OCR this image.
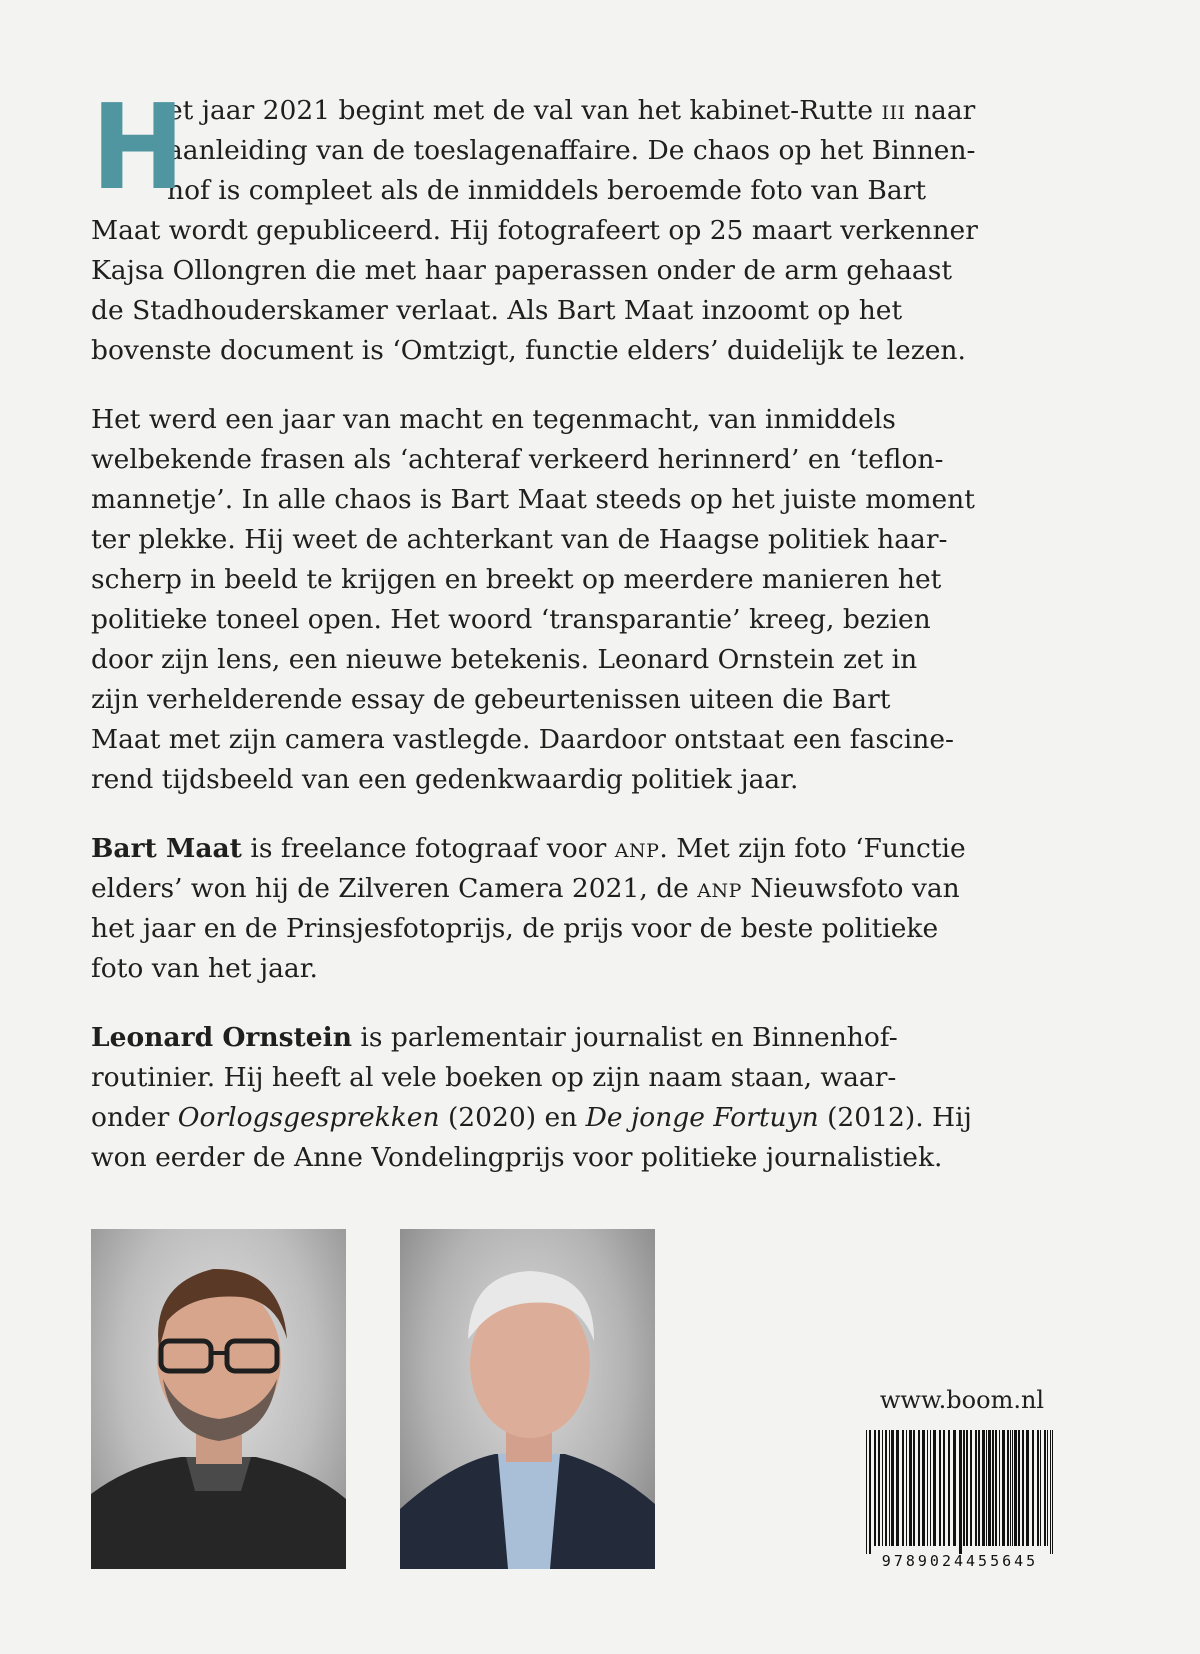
H
et jaar 2021 begint met de val van het kabinet-Rutte iii naar
aanleiding van de toeslagenaffaire. De chaos op het Binnen-
hof is compleet als de inmiddels beroemde foto van Bart
Maat wordt gepubliceerd. Hij fotografeert op 25 maart verkenner
Kajsa Ollongren die met haar paperassen onder de arm gehaast
de Stadhouderskamer verlaat. Als Bart Maat inzoomt op het
bovenste document is ‘Omtzigt, functie elders’ duidelijk te lezen.

Het werd een jaar van macht en tegenmacht, van inmiddels
welbekende frasen als ‘achteraf verkeerd herinnerd’ en ‘teflon-
mannetje’. In alle chaos is Bart Maat steeds op het juiste moment
ter plekke. Hij weet de achterkant van de Haagse politiek haar-
scherp in beeld te krijgen en breekt op meerdere manieren het
politieke toneel open. Het woord ‘transparantie’ kreeg, bezien
door zijn lens, een nieuwe betekenis. Leonard Ornstein zet in
zijn verhelderende essay de gebeurtenissen uiteen die Bart
Maat met zijn camera vastlegde. Daardoor ontstaat een fascine-
rend tijdsbeeld van een gedenkwaardig politiek jaar.

Bart Maat is freelance fotograaf voor anp. Met zijn foto ‘Functie
elders’ won hij de Zilveren Camera 2021, de anp Nieuwsfoto van
het jaar en de Prinsjesfotoprijs, de prijs voor de beste politieke
foto van het jaar.

Leonard Ornstein is parlementair journalist en Binnenhof-
routinier. Hij heeft al vele boeken op zijn naam staan, waar-
onder Oorlogsgesprekken (2020) en De jonge Fortuyn (2012). Hij
won eerder de Anne Vondelingprijs voor politieke journalistiek.

www.boom.nl
9789024455645
